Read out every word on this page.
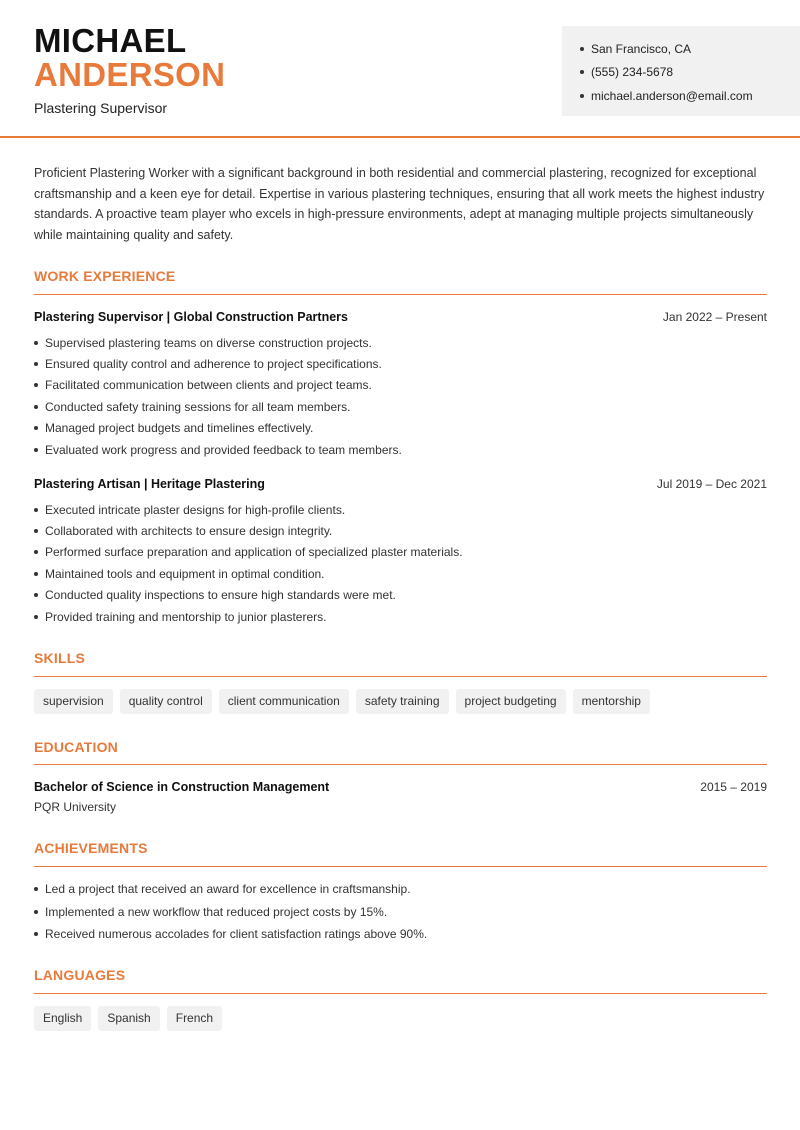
MICHAEL
ANDERSON
Plastering Supervisor
San Francisco, CA
(555) 234-5678
michael.anderson@email.com

Proficient Plastering Worker with a significant background in both residential and commercial plastering, recognized for exceptional craftsmanship and a keen eye for detail. Expertise in various plastering techniques, ensuring that all work meets the highest industry standards. A proactive team player who excels in high-pressure environments, adept at managing multiple projects simultaneously while maintaining quality and safety.

WORK EXPERIENCE
Plastering Supervisor | Global Construction Partners	Jan 2022 – Present
Supervised plastering teams on diverse construction projects.
Ensured quality control and adherence to project specifications.
Facilitated communication between clients and project teams.
Conducted safety training sessions for all team members.
Managed project budgets and timelines effectively.
Evaluated work progress and provided feedback to team members.
Plastering Artisan | Heritage Plastering	Jul 2019 – Dec 2021
Executed intricate plaster designs for high-profile clients.
Collaborated with architects to ensure design integrity.
Performed surface preparation and application of specialized plaster materials.
Maintained tools and equipment in optimal condition.
Conducted quality inspections to ensure high standards were met.
Provided training and mentorship to junior plasterers.
SKILLS
supervision	quality control	client communication	safety training	project budgeting	mentorship
EDUCATION
Bachelor of Science in Construction Management	2015 – 2019
PQR University
ACHIEVEMENTS
Led a project that received an award for excellence in craftsmanship.
Implemented a new workflow that reduced project costs by 15%.
Received numerous accolades for client satisfaction ratings above 90%.
LANGUAGES
English	Spanish	French
